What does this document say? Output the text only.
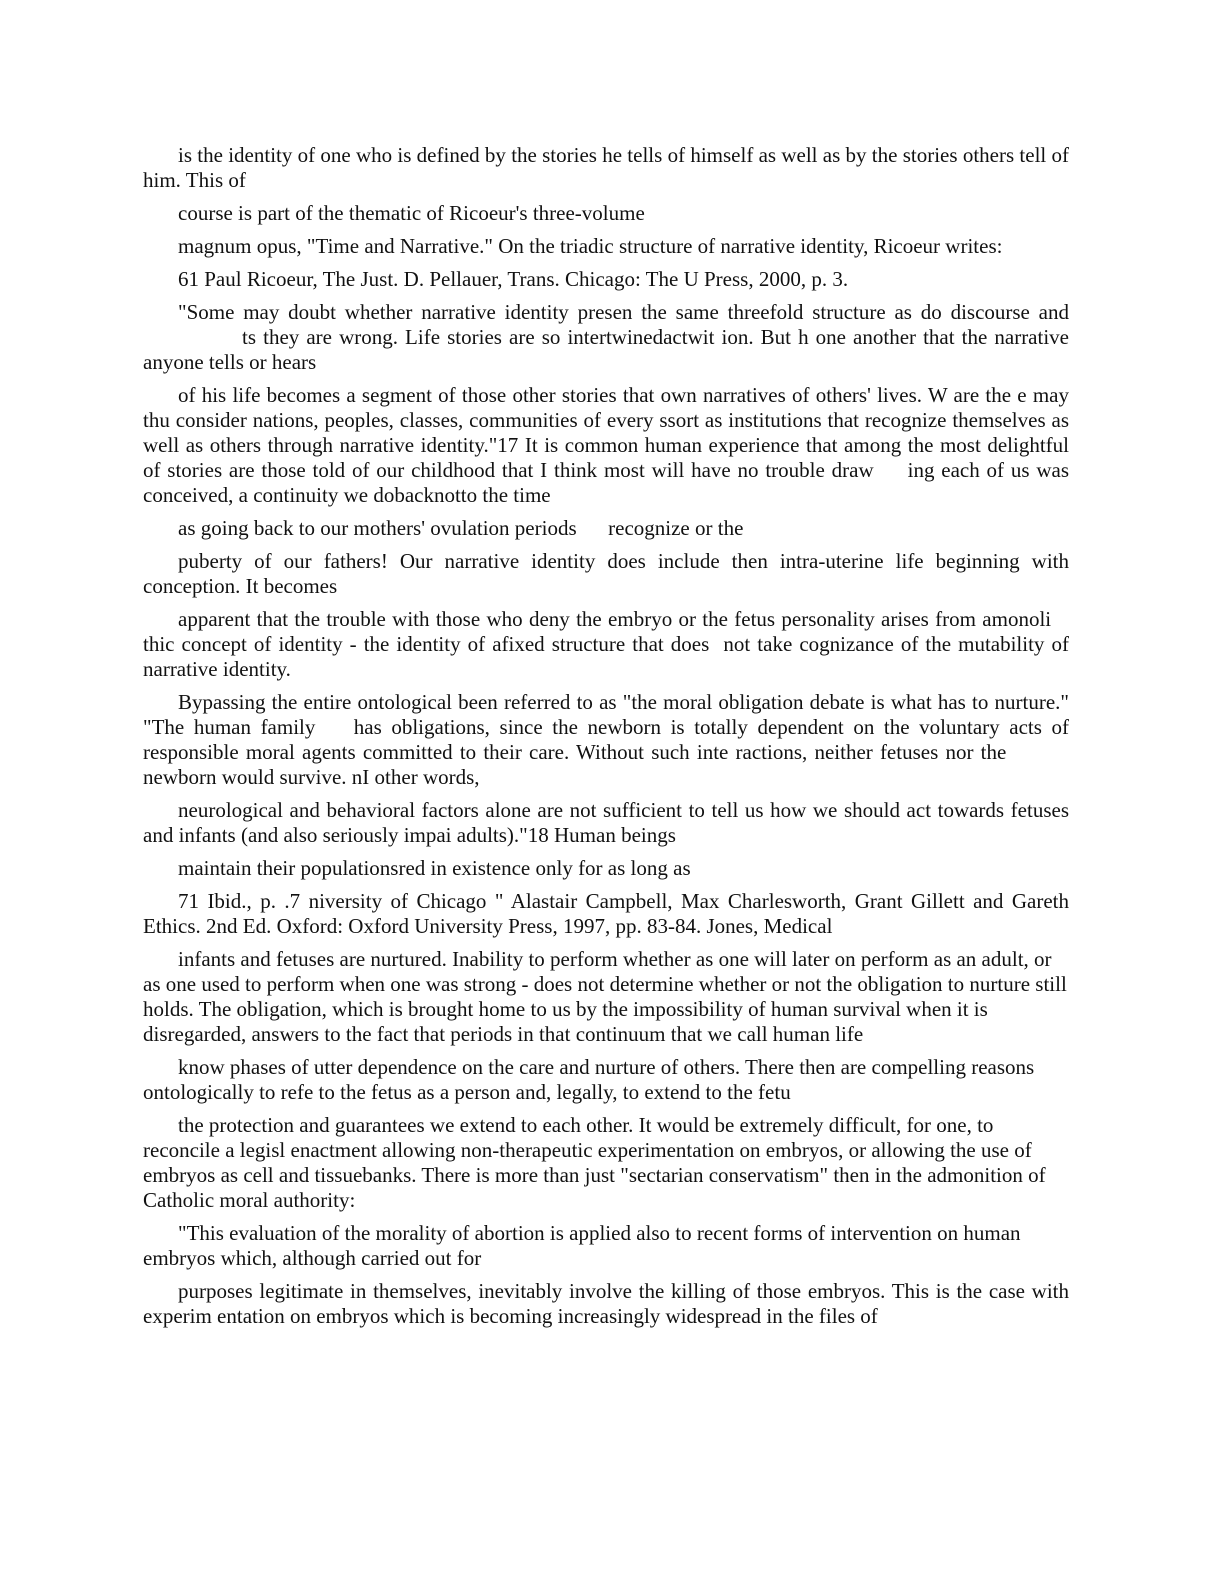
is the identity of one who is defined by the stories he tells of himself as well as by the stories others tell of him. This of

course is part of the thematic of Ricoeur's three-volume

magnum opus, "Time and Narrative." On the triadic structure of narrative identity, Ricoeur writes:

61 Paul Ricoeur, The Just. D. Pellauer, Trans. Chicago: The U Press, 2000, p. 3.

"Some may doubt whether narrative identity presen the same threefold structure as do discourse and               ts they are wrong. Life stories are so intertwinedactwit ion. But h one another that the narrative anyone tells or hears

of his life becomes a segment of those other stories that own narratives of others' lives. W are the e may thu consider nations, peoples, classes, communities of every ssort as institutions that recognize themselves as well as others through narrative identity."17 It is common human experience that among the most delightful of stories are those told of our childhood that I think most will have no trouble draw     ing each of us was conceived, a continuity we dobacknotto the time

as going back to our mothers' ovulation periods      recognize or the

puberty of our fathers! Our narrative identity does include then intra-uterine life beginning with conception. It becomes

apparent that the trouble with those who deny the embryo or the fetus personality arises from amonoli    thic concept of identity - the identity of afixed structure that does  not take cognizance of the mutability of narrative identity.

Bypassing the entire ontological been referred to as "the moral obligation debate is what has to nurture." "The human family    has obligations, since the newborn is totally dependent on the voluntary acts of responsible moral agents committed to their care. Without such inte ractions, neither fetuses nor the          newborn would survive. nI other words,

neurological and behavioral factors alone are not sufficient to tell us how we should act towards fetuses and infants (and also seriously impai adults)."18 Human beings

maintain their populationsred in existence only for as long as

71 Ibid., p. .7 niversity of Chicago " Alastair Campbell, Max Charlesworth, Grant Gillett and Gareth Ethics. 2nd Ed. Oxford: Oxford University Press, 1997, pp. 83-84. Jones, Medical

infants and fetuses are nurtured. Inability to perform whether as one will later on perform as an adult, or as one used to perform when one was strong - does not determine whether or not the obligation to nurture still holds. The obligation, which is brought home to us by the impossibility of human survival when it is disregarded, answers to the fact that periods in that continuum that we call human life

know phases of utter dependence on the care and nurture of others. There then are compelling reasons ontologically to refe to the fetus as a person and, legally, to extend to the fetu

the protection and guarantees we extend to each other. It would be extremely difficult, for one, to reconcile a legisl enactment allowing non-therapeutic experimentation on embryos, or allowing the use of embryos as cell and tissuebanks. There is more than just "sectarian conservatism" then in the admonition of Catholic moral authority:

"This evaluation of the morality of abortion is applied also to recent forms of intervention on human embryos which, although carried out for

purposes legitimate in themselves, inevitably involve the killing of those embryos. This is the case with experim entation on embryos which is becoming increasingly widespread in the files of
